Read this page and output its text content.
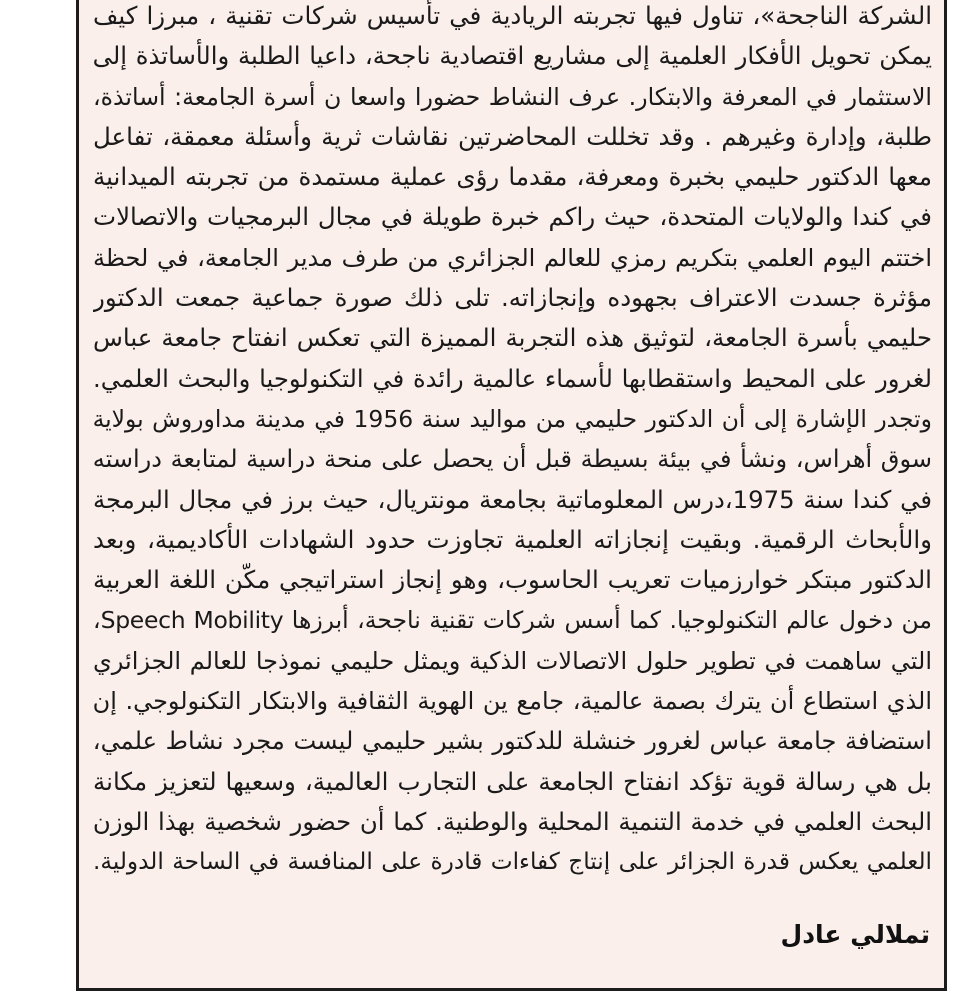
الشركة الناجحة»، تناول فيها تجربته الريادية في تأسيس شركات تقنية ، مبرزا كيف
يمكن تحويل الأفكار العلمية إلى مشاريع اقتصادية ناجحة، داعيا الطلبة والأساتذة إلى
الاستثمار في المعرفة والابتكار. عرف النشاط حضورا واسعا ن أسرة الجامعة: أساتذة،
طلبة، وإدارة وغيرهم . وقد تخللت المحاضرتين نقاشات ثرية وأسئلة معمقة، تفاعل
معها الدكتور حليمي بخبرة ومعرفة، مقدما رؤى عملية مستمدة من تجربته الميدانية
في كندا والولايات المتحدة، حيث راكم خبرة طويلة في مجال البرمجيات والاتصالات
اختتم اليوم العلمي بتكريم رمزي للعالم الجزائري من طرف مدير الجامعة، في لحظة
مؤثرة جسدت الاعتراف بجهوده وإنجازاته. تلى ذلك صورة جماعية جمعت الدكتور
حليمي بأسرة الجامعة، لتوثيق هذه التجربة المميزة التي تعكس انفتاح جامعة عباس
لغرور على المحيط واستقطابها لأسماء عالمية رائدة في التكنولوجيا والبحث العلمي.
وتجدر الإشارة إلى أن الدكتور حليمي من مواليد سنة 1956 في مدينة مداوروش بولاية
سوق أهراس، ونشأ في بيئة بسيطة قبل أن يحصل على منحة دراسية لمتابعة دراسته
في كندا سنة 1975،درس المعلوماتية بجامعة مونتريال، حيث برز في مجال البرمجة
والأبحاث الرقمية. وبقيت إنجازاته العلمية تجاوزت حدود الشهادات الأكاديمية، وبعد
الدكتور مبتكر خوارزميات تعريب الحاسوب، وهو إنجاز استراتيجي مكّن اللغة العربية
من دخول عالم التكنولوجيا. كما أسس شركات تقنية ناجحة، أبرزها Speech Mobility،
التي ساهمت في تطوير حلول الاتصالات الذكية ويمثل حليمي نموذجا للعالم الجزائري
الذي استطاع أن يترك بصمة عالمية، جامع ين الهوية الثقافية والابتكار التكنولوجي. إن
استضافة جامعة عباس لغرور خنشلة للدكتور بشير حليمي ليست مجرد نشاط علمي،
بل هي رسالة قوية تؤكد انفتاح الجامعة على التجارب العالمية، وسعيها لتعزيز مكانة
البحث العلمي في خدمة التنمية المحلية والوطنية. كما أن حضور شخصية بهذا الوزن
العلمي يعكس قدرة الجزائر على إنتاج كفاءات قادرة على المنافسة في الساحة الدولية.
تملالي عادل
